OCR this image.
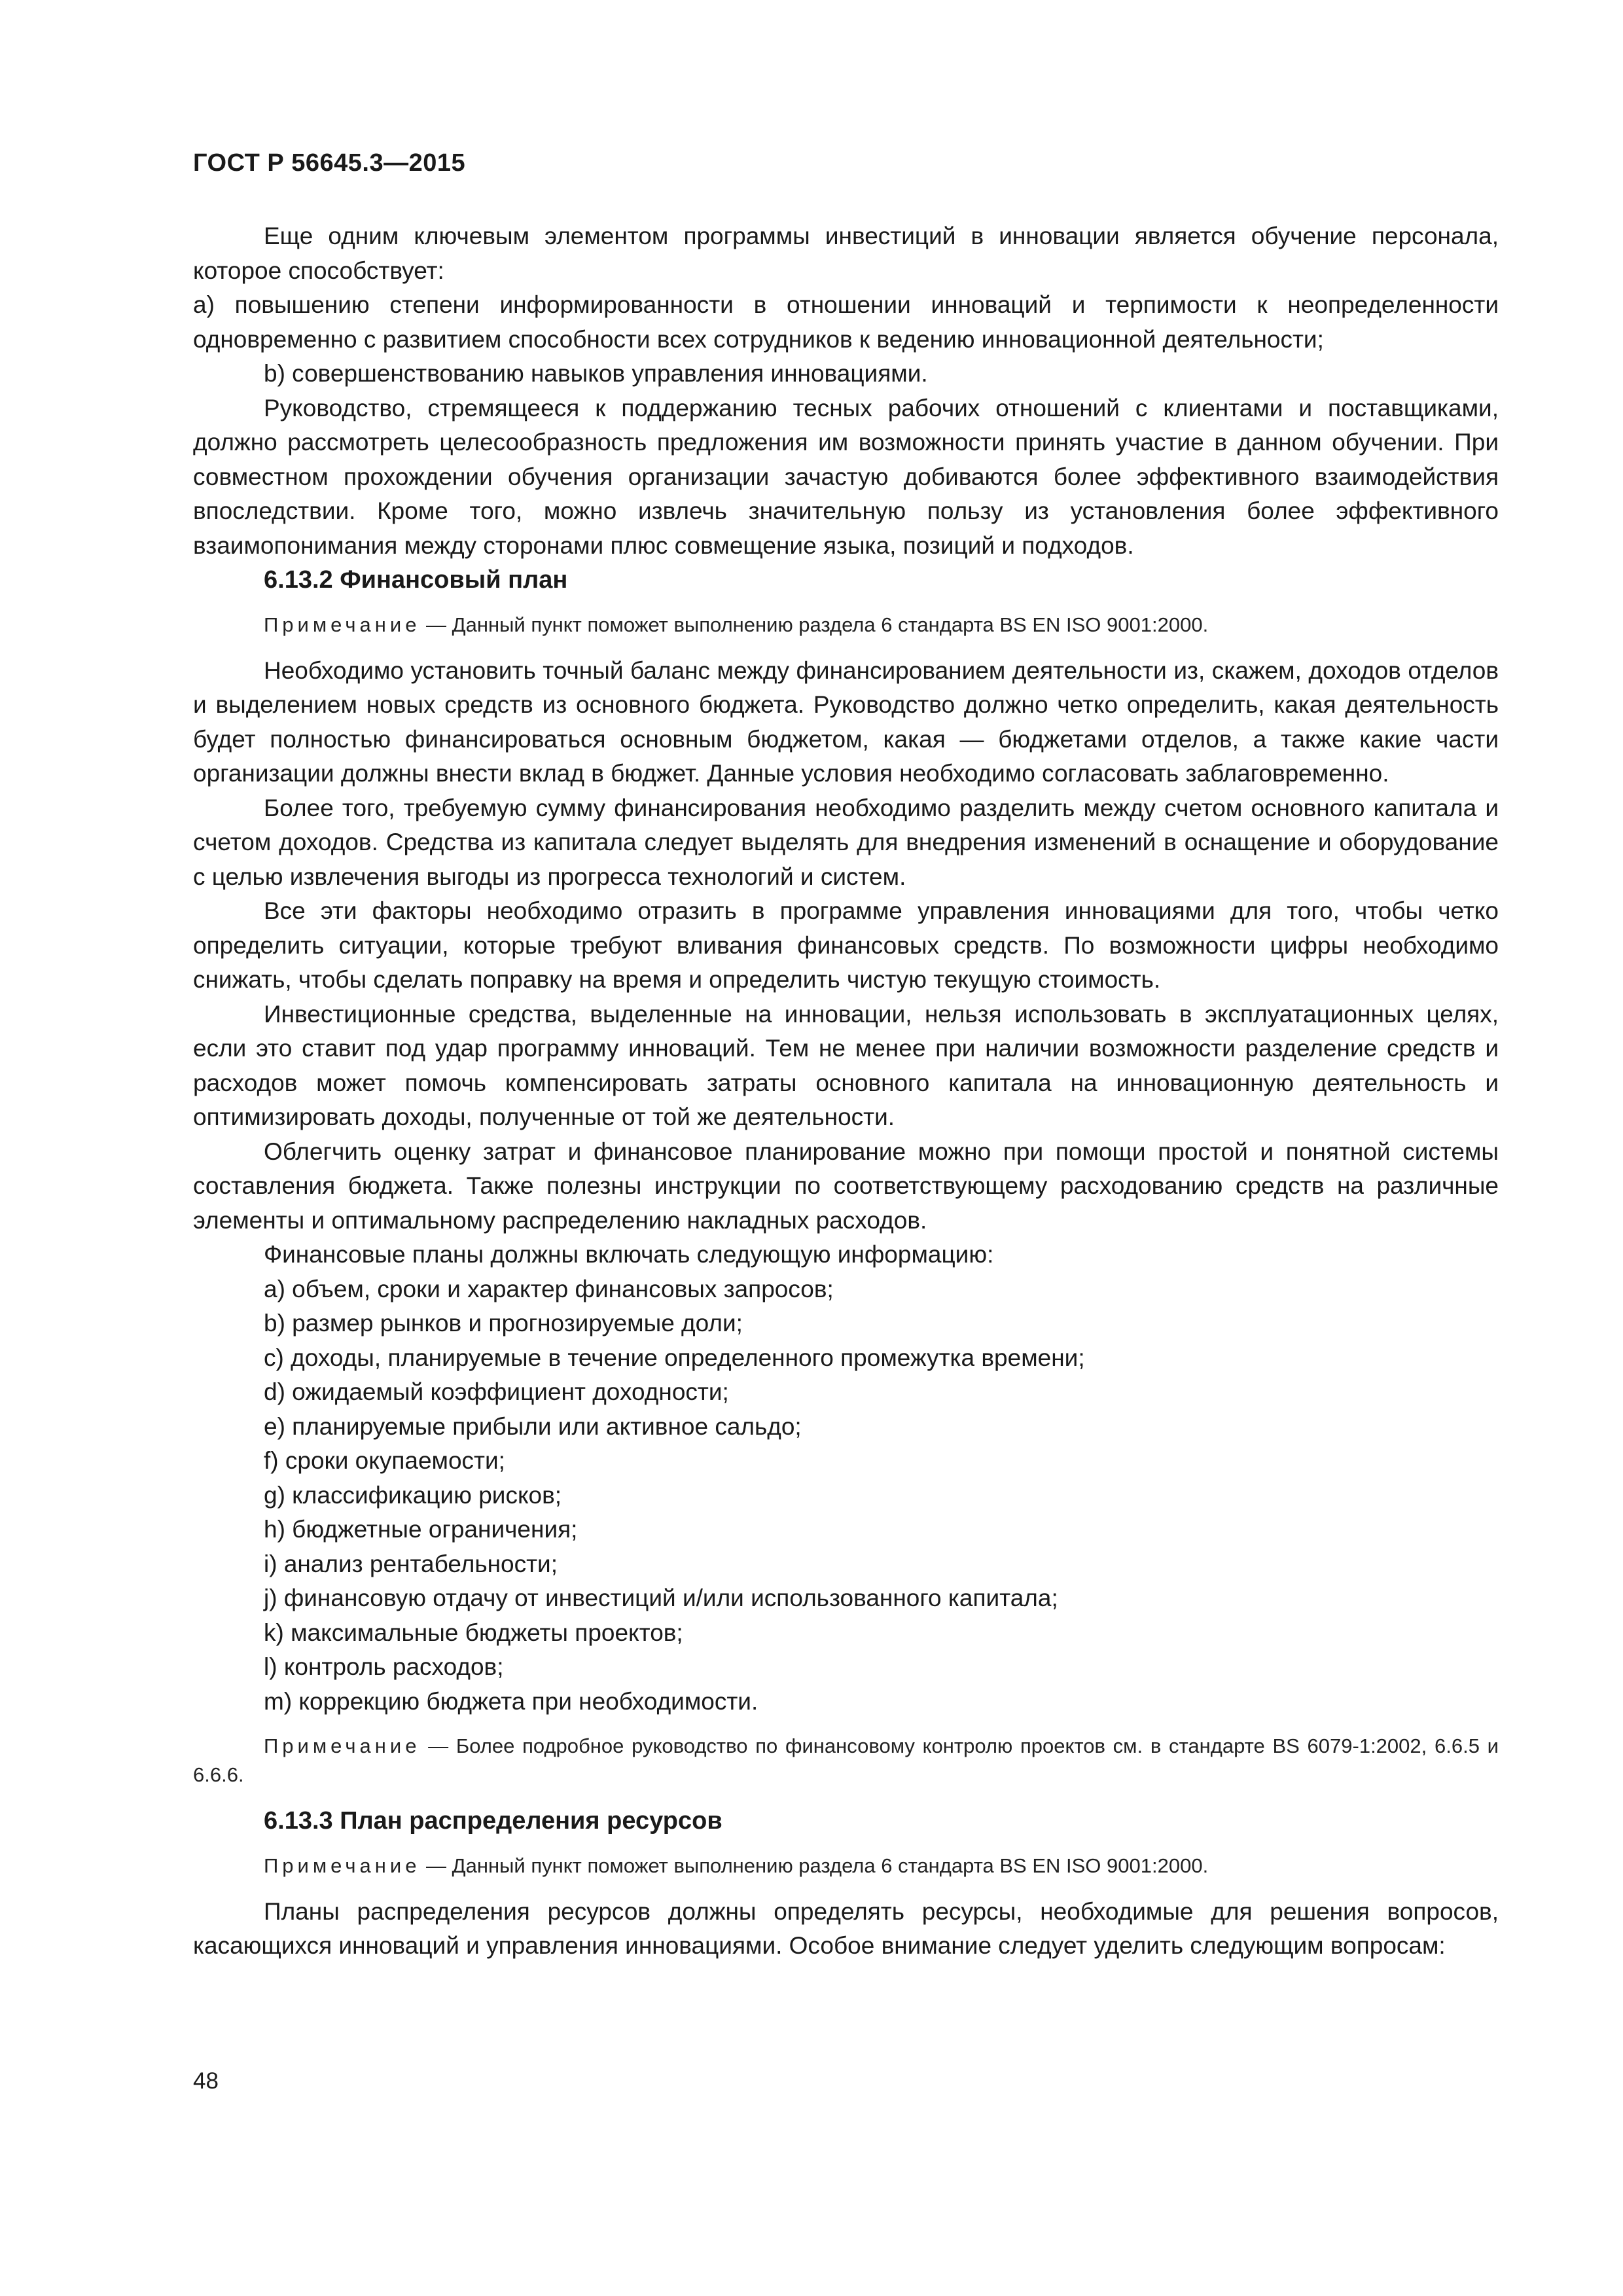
ГОСТ Р 56645.3—2015

Еще одним ключевым элементом программы инвестиций в инновации является обучение персонала, которое способствует:

а) повышению степени информированности в отношении инноваций и терпимости к неопределенности одновременно с развитием способности всех сотрудников к ведению инновационной деятельности;

b) совершенствованию навыков управления инновациями.

Руководство, стремящееся к поддержанию тесных рабочих отношений с клиентами и поставщиками, должно рассмотреть целесообразность предложения им возможности принять участие в данном обучении. При совместном прохождении обучения организации зачастую добиваются более эффективного взаимодействия впоследствии. Кроме того, можно извлечь значительную пользу из установления более эффективного взаимопонимания между сторонами плюс совмещение языка, позиций и подходов.

6.13.2 Финансовый план

Примечание — Данный пункт поможет выполнению раздела 6 стандарта BS EN ISO 9001:2000.

Необходимо установить точный баланс между финансированием деятельности из, скажем, доходов отделов и выделением новых средств из основного бюджета. Руководство должно четко определить, какая деятельность будет полностью финансироваться основным бюджетом, какая — бюджетами отделов, а также какие части организации должны внести вклад в бюджет. Данные условия необходимо согласовать заблаговременно.

Более того, требуемую сумму финансирования необходимо разделить между счетом основного капитала и счетом доходов. Средства из капитала следует выделять для внедрения изменений в оснащение и оборудование с целью извлечения выгоды из прогресса технологий и систем.

Все эти факторы необходимо отразить в программе управления инновациями для того, чтобы четко определить ситуации, которые требуют вливания финансовых средств. По возможности цифры необходимо снижать, чтобы сделать поправку на время и определить чистую текущую стоимость.

Инвестиционные средства, выделенные на инновации, нельзя использовать в эксплуатационных целях, если это ставит под удар программу инноваций. Тем не менее при наличии возможности разделение средств и расходов может помочь компенсировать затраты основного капитала на инновационную деятельность и оптимизировать доходы, полученные от той же деятельности.

Облегчить оценку затрат и финансовое планирование можно при помощи простой и понятной системы составления бюджета. Также полезны инструкции по соответствующему расходованию средств на различные элементы и оптимальному распределению накладных расходов.

Финансовые планы должны включать следующую информацию:

а) объем, сроки и характер финансовых запросов;

b) размер рынков и прогнозируемые доли;

с) доходы, планируемые в течение определенного промежутка времени;

d) ожидаемый коэффициент доходности;

е) планируемые прибыли или активное сальдо;

f) сроки окупаемости;

g) классификацию рисков;

h) бюджетные ограничения;

i) анализ рентабельности;

j) финансовую отдачу от инвестиций и/или использованного капитала;

k) максимальные бюджеты проектов;

l) контроль расходов;

m) коррекцию бюджета при необходимости.

Примечание — Более подробное руководство по финансовому контролю проектов см. в стандарте BS 6079-1:2002, 6.6.5 и 6.6.6.

6.13.3 План распределения ресурсов

Примечание — Данный пункт поможет выполнению раздела 6 стандарта BS EN ISO 9001:2000.

Планы распределения ресурсов должны определять ресурсы, необходимые для решения вопросов, касающихся инноваций и управления инновациями. Особое внимание следует уделить следующим вопросам:

48
